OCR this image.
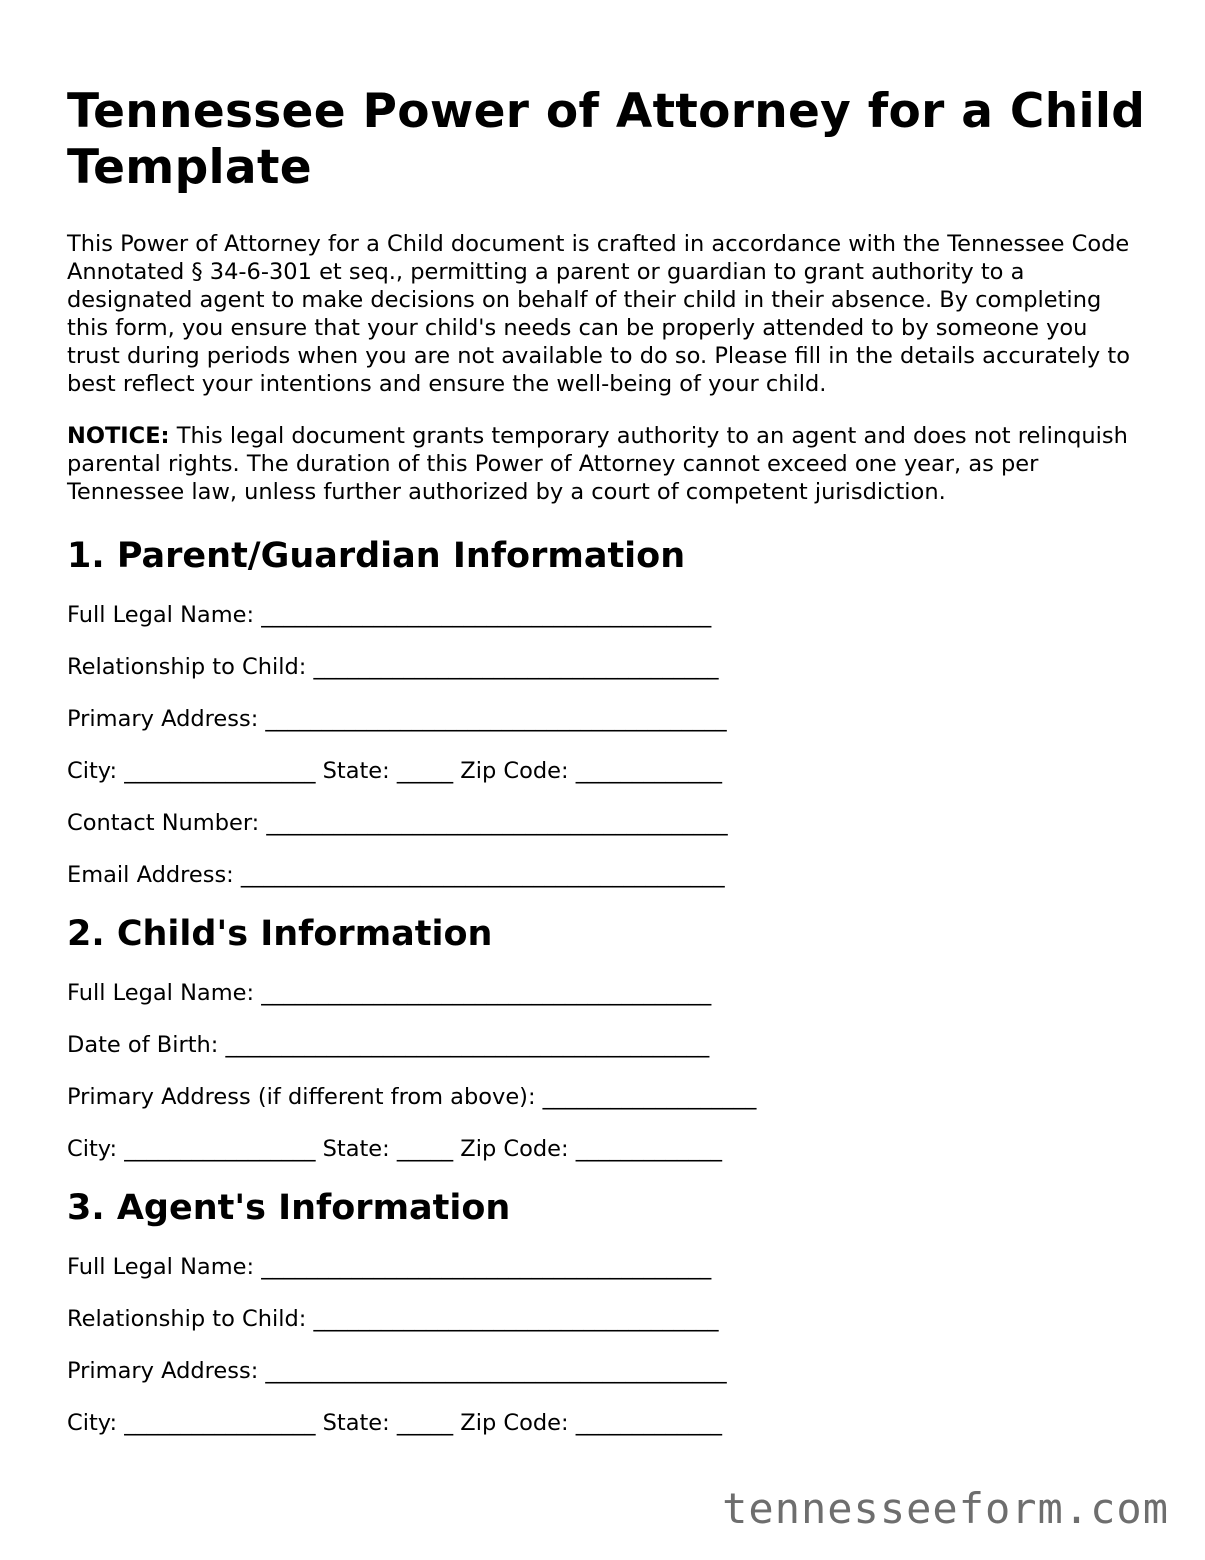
Tennessee Power of Attorney for a Child Template

This Power of Attorney for a Child document is crafted in accordance with the Tennessee Code Annotated § 34-6-301 et seq., permitting a parent or guardian to grant authority to a designated agent to make decisions on behalf of their child in their absence. By completing this form, you ensure that your child's needs can be properly attended to by someone you trust during periods when you are not available to do so. Please fill in the details accurately to best reflect your intentions and ensure the well-being of your child.

NOTICE: This legal document grants temporary authority to an agent and does not relinquish parental rights. The duration of this Power of Attorney cannot exceed one year, as per Tennessee law, unless further authorized by a court of competent jurisdiction.

1. Parent/Guardian Information
Full Legal Name: ________________________________________
Relationship to Child: ____________________________________
Primary Address: _________________________________________
City: _________________ State: _____ Zip Code: _____________
Contact Number: _________________________________________
Email Address: ___________________________________________
2. Child's Information
Full Legal Name: ________________________________________
Date of Birth: ___________________________________________
Primary Address (if different from above): ___________________
City: _________________ State: _____ Zip Code: _____________
3. Agent's Information
Full Legal Name: ________________________________________
Relationship to Child: ____________________________________
Primary Address: _________________________________________
City: _________________ State: _____ Zip Code: _____________
tennesseeform.com
